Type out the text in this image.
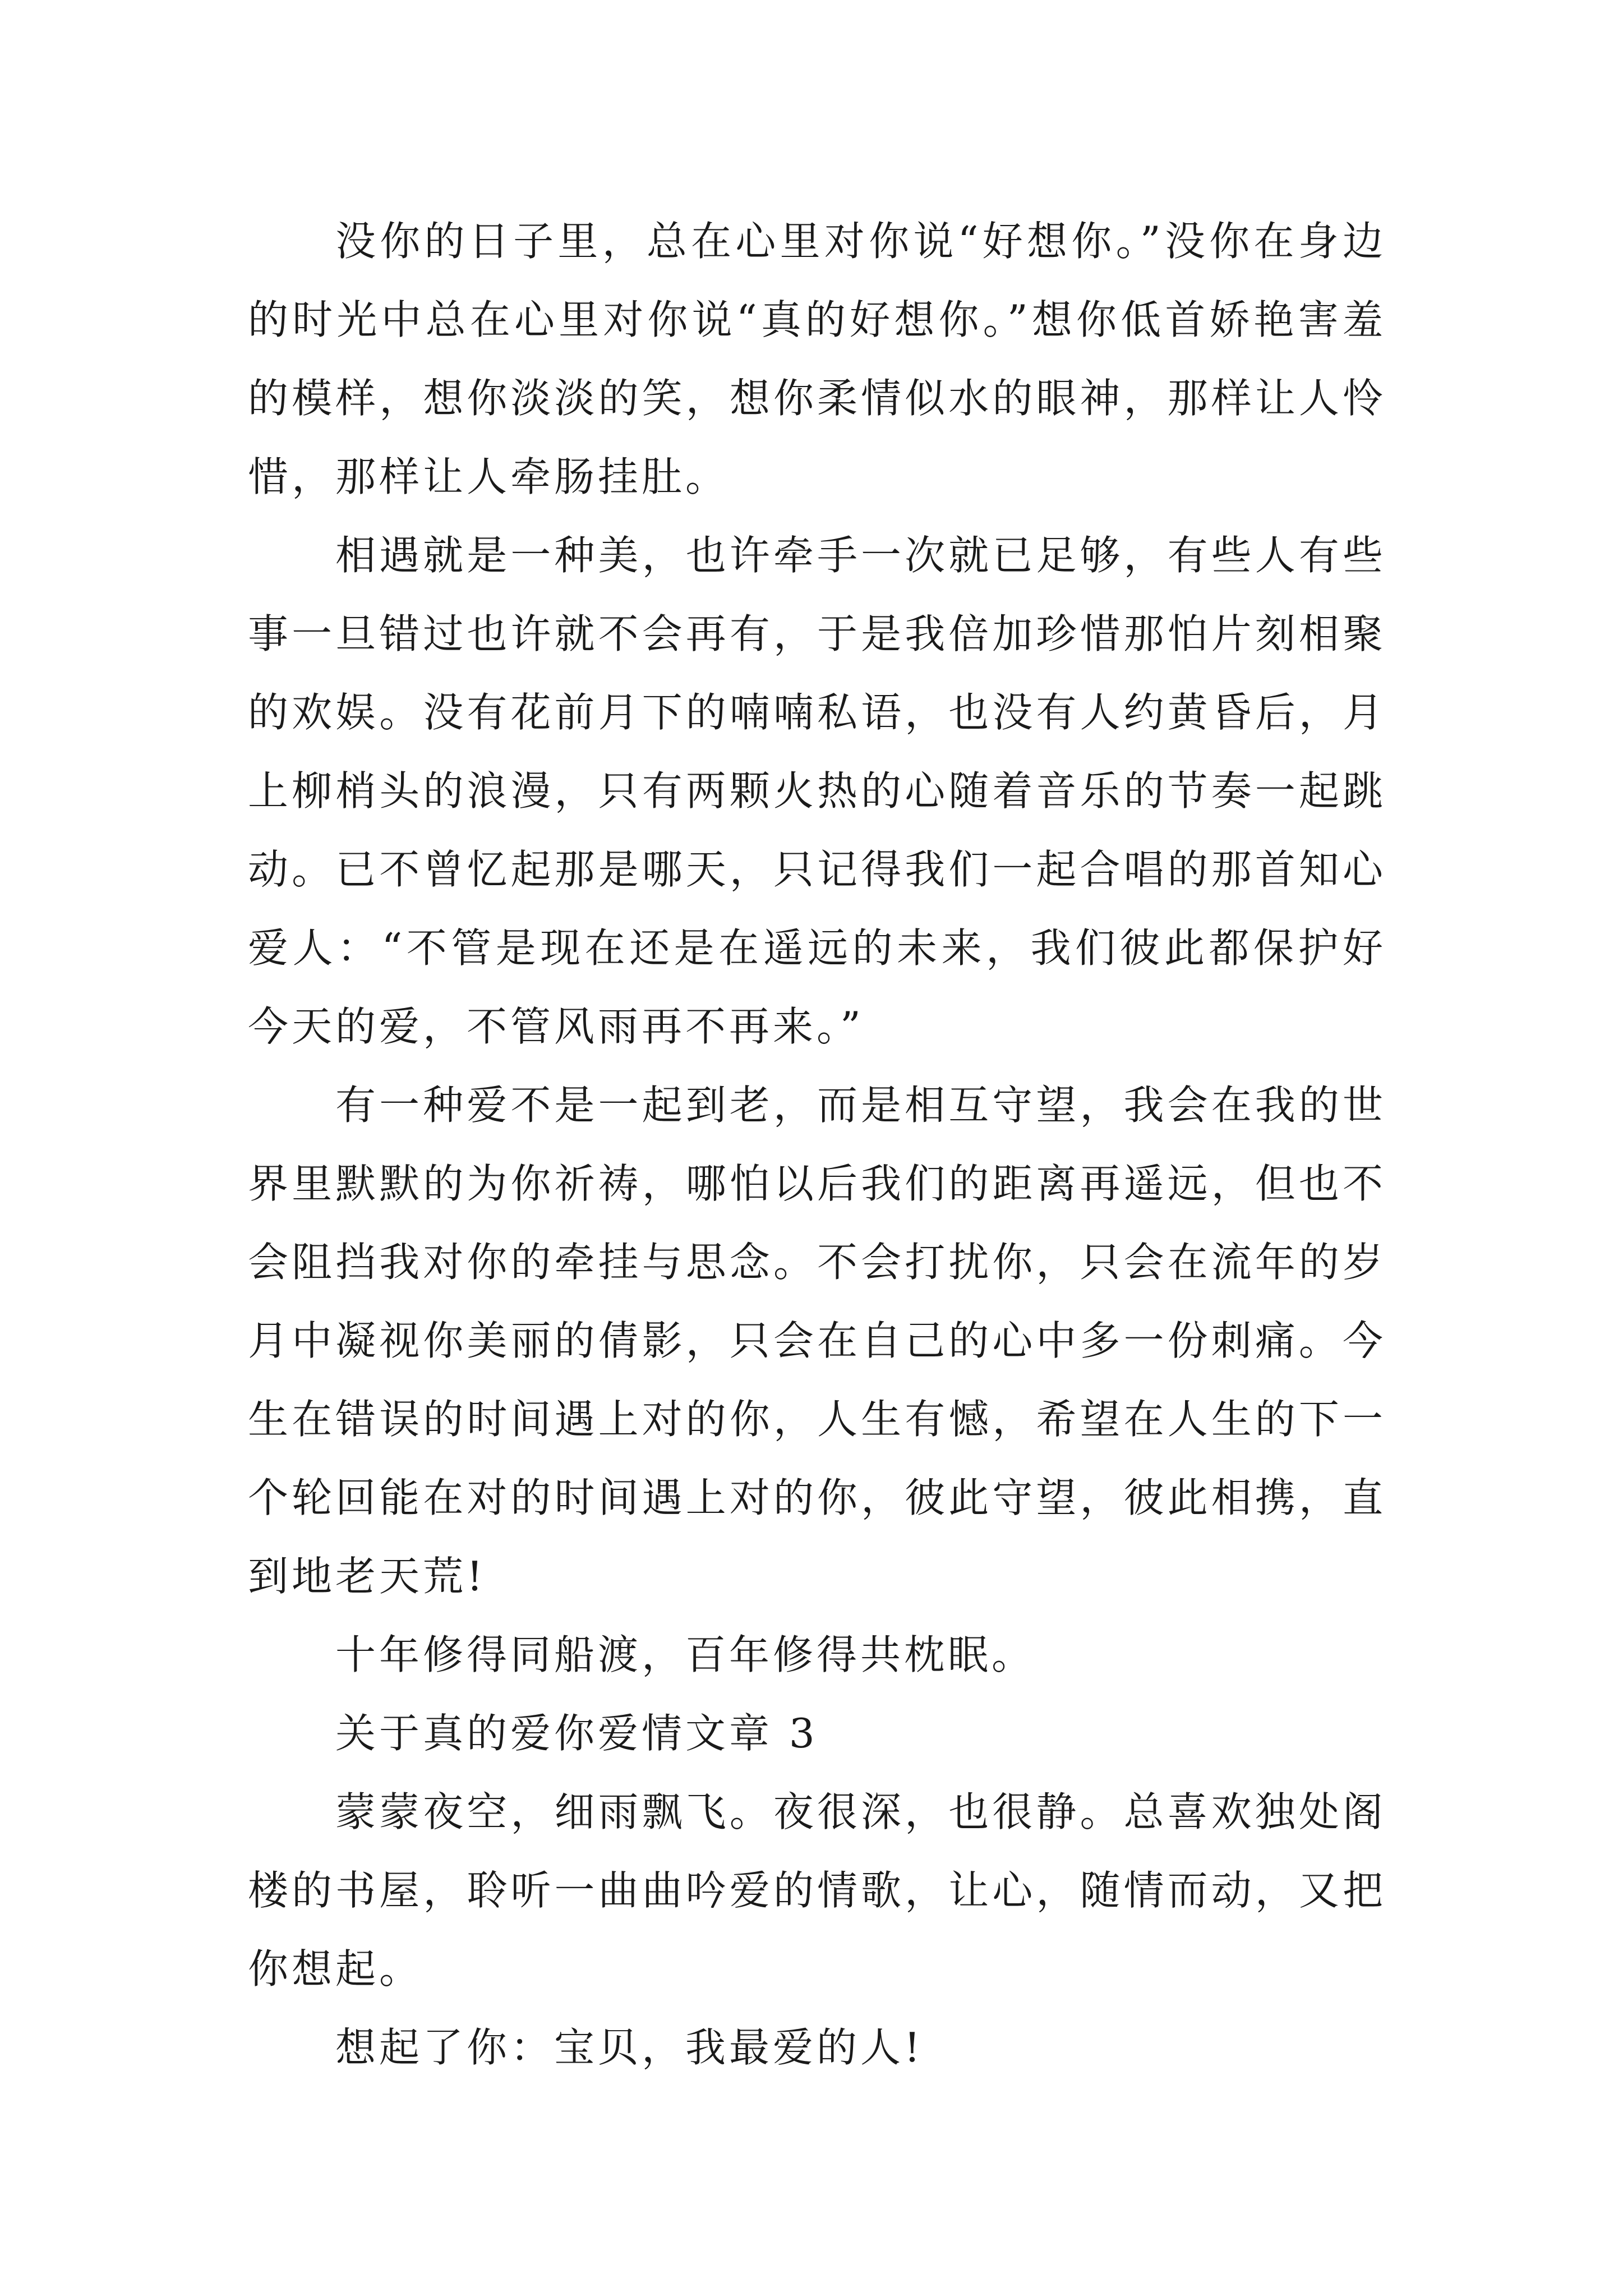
没你的日子里，总在心里对你说“好想你。”没你在身边的时光中总在心里对你说“真的好想你。”想你低首娇艳害羞的模样，想你淡淡的笑，想你柔情似水的眼神，那样让人怜惜，那样让人牵肠挂肚。

相遇就是一种美，也许牵手一次就已足够，有些人有些事一旦错过也许就不会再有，于是我倍加珍惜那怕片刻相聚的欢娱。没有花前月下的喃喃私语，也没有人约黄昏后，月上柳梢头的浪漫，只有两颗火热的心随着音乐的节奏一起跳动。已不曾忆起那是哪天，只记得我们一起合唱的那首知心爱人：“不管是现在还是在遥远的未来，我们彼此都保护好今天的爱，不管风雨再不再来。”

有一种爱不是一起到老，而是相互守望，我会在我的世界里默默的为你祈祷，哪怕以后我们的距离再遥远，但也不会阻挡我对你的牵挂与思念。不会打扰你，只会在流年的岁月中凝视你美丽的倩影，只会在自己的心中多一份刺痛。今生在错误的时间遇上对的你，人生有憾，希望在人生的下一个轮回能在对的时间遇上对的你，彼此守望，彼此相携，直到地老天荒!

十年修得同船渡，百年修得共枕眠。

关于真的爱你爱情文章 3

蒙蒙夜空，细雨飘飞。夜很深，也很静。总喜欢独处阁楼的书屋，聆听一曲曲吟爱的情歌，让心，随情而动，又把你想起。

想起了你：宝贝，我最爱的人!
